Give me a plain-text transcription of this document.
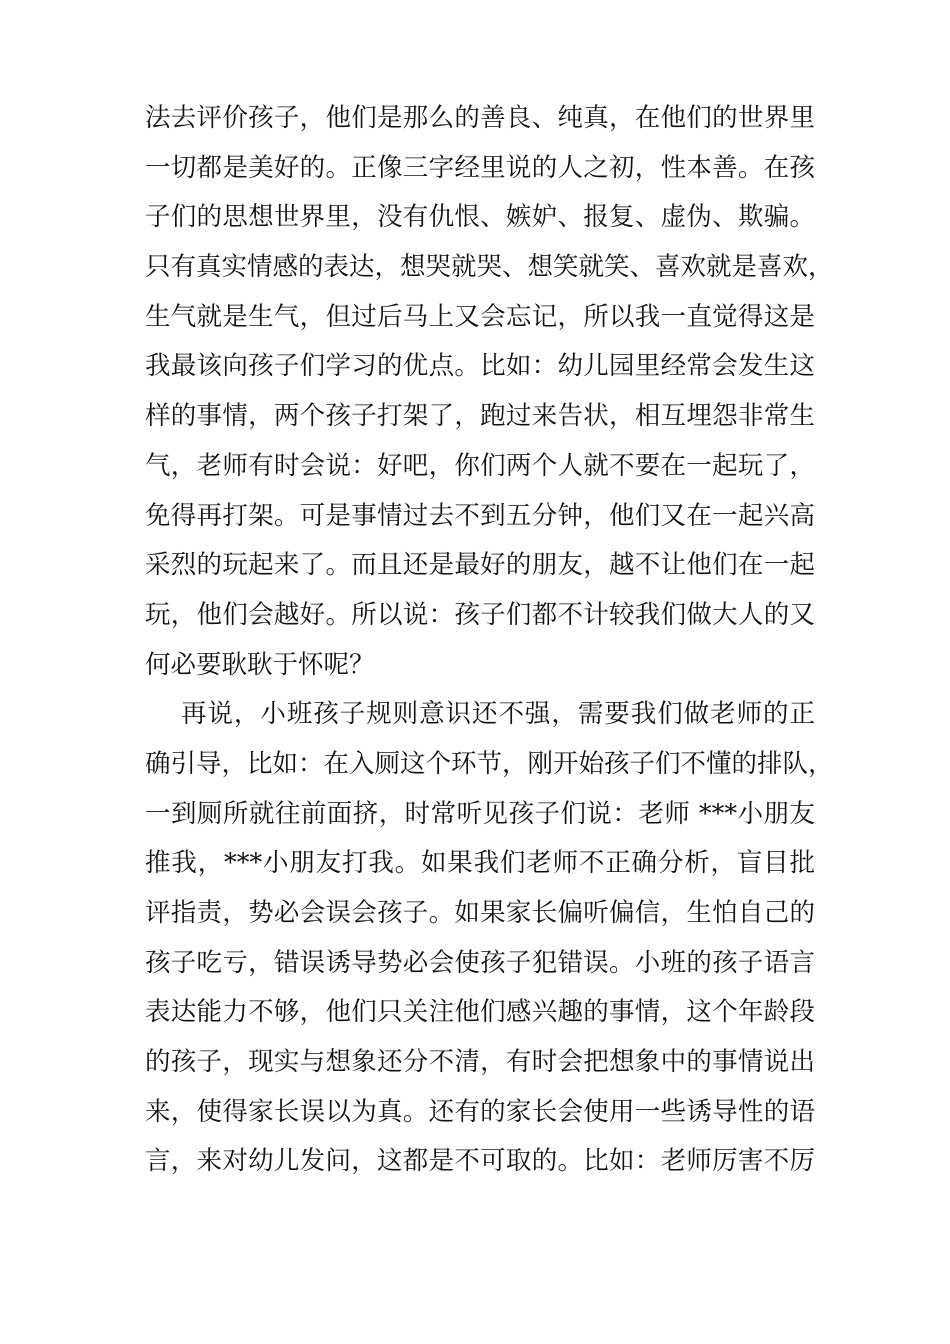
法去评价孩子，他们是那么的善良、纯真，在他们的世界里
一切都是美好的。正像三字经里说的人之初，性本善。在孩
子们的思想世界里，没有仇恨、嫉妒、报复、虚伪、欺骗。
只有真实情感的表达，想哭就哭、想笑就笑、喜欢就是喜欢，
生气就是生气，但过后马上又会忘记，所以我一直觉得这是
我最该向孩子们学习的优点。比如：幼儿园里经常会发生这
样的事情，两个孩子打架了，跑过来告状，相互埋怨非常生
气，老师有时会说：好吧，你们两个人就不要在一起玩了，
免得再打架。可是事情过去不到五分钟，他们又在一起兴高
采烈的玩起来了。而且还是最好的朋友，越不让他们在一起
玩，他们会越好。所以说：孩子们都不计较我们做大人的又
何必要耿耿于怀呢？
再说，小班孩子规则意识还不强，需要我们做老师的正
确引导，比如：在入厕这个环节，刚开始孩子们不懂的排队，
一到厕所就往前面挤，时常听见孩子们说：老师 ***小朋友
推我，***小朋友打我。如果我们老师不正确分析，盲目批
评指责，势必会误会孩子。如果家长偏听偏信，生怕自己的
孩子吃亏，错误诱导势必会使孩子犯错误。小班的孩子语言
表达能力不够，他们只关注他们感兴趣的事情，这个年龄段
的孩子，现实与想象还分不清，有时会把想象中的事情说出
来，使得家长误以为真。还有的家长会使用一些诱导性的语
言，来对幼儿发问，这都是不可取的。比如：老师厉害不厉
